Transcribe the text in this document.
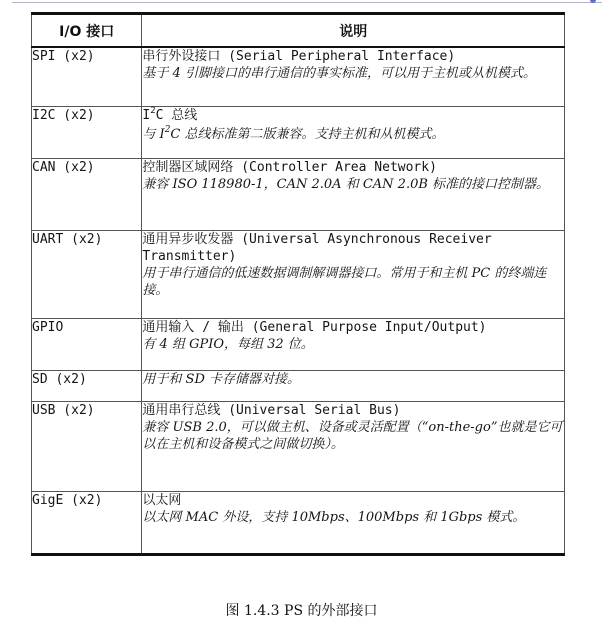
I/O 接口	说明
SPI (x2)	串行外设接口 (Serial Peripheral Interface)
基于 4 引脚接口的串行通信的事实标准，可以用于主机或从机模式。

I2C (x2)	$I^2C$ 总线
与 $I^2C$ 总线标准第二版兼容。支持主机和从机模式。

CAN (x2)	控制器区域网络 (Controller Area Network)
兼容 ISO 118980-1，CAN 2.0A 和 CAN 2.0B 标准的接口控制器。

UART (x2)	通用异步收发器 (Universal Asynchronous Receiver Transmitter)
用于串行通信的低速数据调制解调器接口。常用于和主机 PC 的终端连接。

GPIO	通用输入 / 输出 (General Purpose Input/Output)
有 4 组 GPIO，每组 32 位。

SD (x2)	用于和 SD 卡存储器对接。

USB (x2)	通用串行总线 (Universal Serial Bus)
兼容 USB 2.0，可以做主机、设备或灵活配置（“on-the-go”也就是它可以在主机和设备模式之间做切换）。

GigE (x2)	以太网
以太网 MAC 外设，支持 10Mbps、100Mbps 和 1Gbps 模式。
图 1.4.3 PS 的外部接口
